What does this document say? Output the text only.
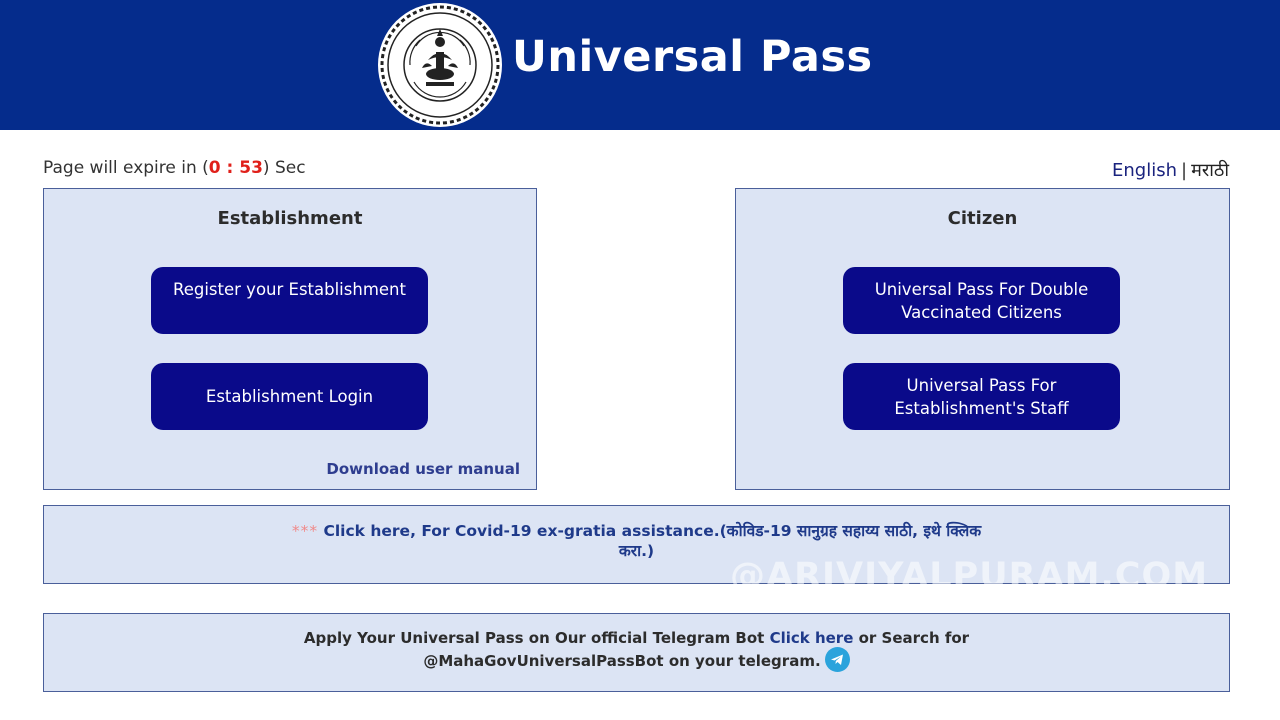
Universal Pass
Page will expire in (0 : 53) Sec	English | मराठी
Establishment
Register your Establishment
Establishment Login
Download user manual
Citizen
Universal Pass For Double Vaccinated Citizens
Universal Pass For Establishment's Staff
*** Click here, For Covid-19 ex-gratia assistance.(कोविड-19 सानुग्रह सहाय्य साठी, इथे क्लिक करा.)
Apply Your Universal Pass on Our official Telegram Bot Click here or Search for @MahaGovUniversalPassBot on your telegram.
@ARIVIYALPURAM.COM
